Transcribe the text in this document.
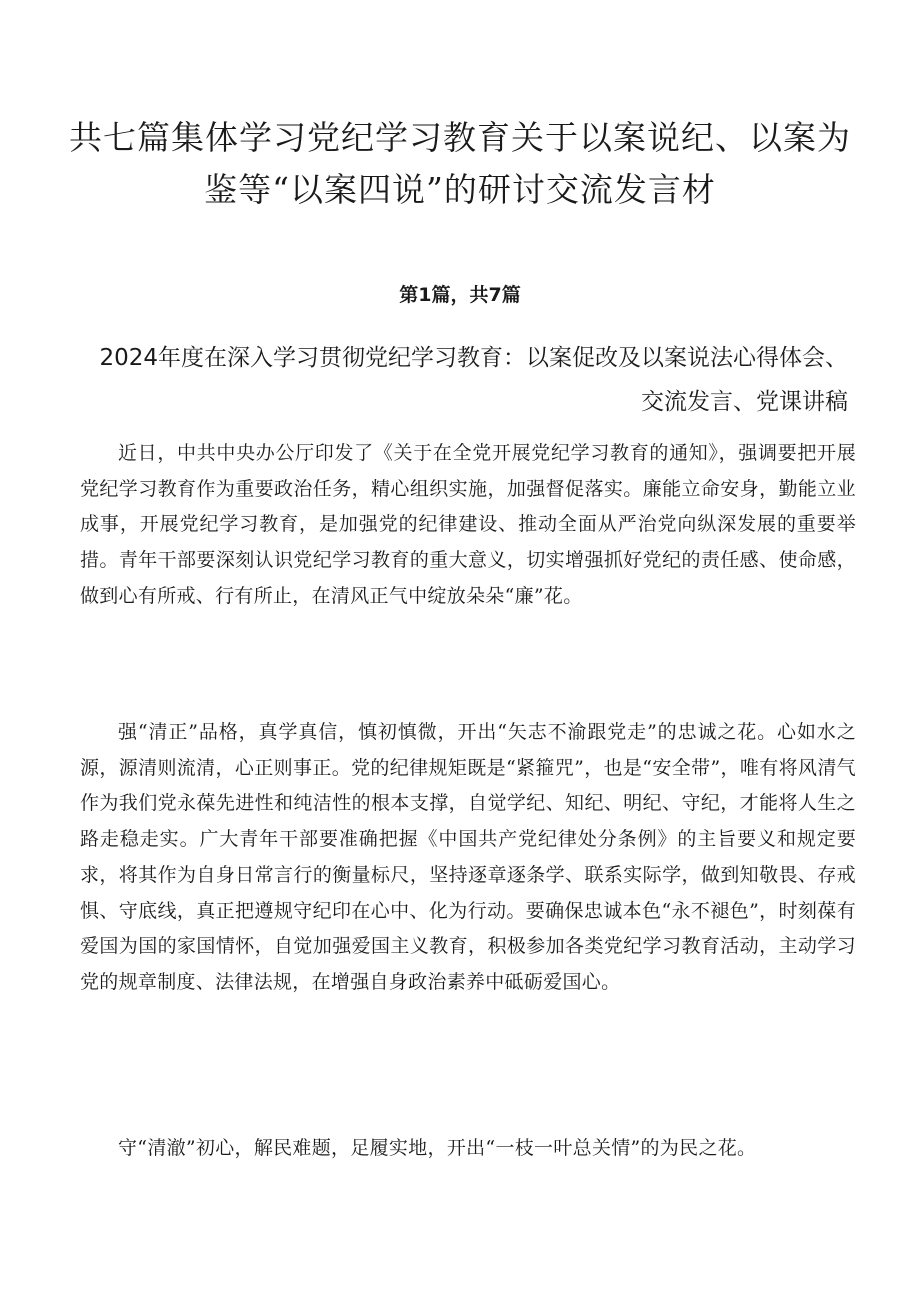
共七篇集体学习党纪学习教育关于以案说纪、以案为鉴等“以案四说”的研讨交流发言材
第1篇，共7篇
2024年度在深入学习贯彻党纪学习教育：以案促改及以案说法心得体会、交流发言、党课讲稿

近日，中共中央办公厅印发了《关于在全党开展党纪学习教育的通知》，强调要把开展党纪学习教育作为重要政治任务，精心组织实施，加强督促落实。廉能立命安身，勤能立业成事，开展党纪学习教育，是加强党的纪律建设、推动全面从严治党向纵深发展的重要举措。青年干部要深刻认识党纪学习教育的重大意义，切实增强抓好党纪的责任感、使命感，做到心有所戒、行有所止，在清风正气中绽放朵朵“廉”花。

强“清正”品格，真学真信，慎初慎微，开出“矢志不渝跟党走”的忠诚之花。心如水之源，源清则流清，心正则事正。党的纪律规矩既是“紧箍咒”，也是“安全带”，唯有将风清气作为我们党永葆先进性和纯洁性的根本支撑，自觉学纪、知纪、明纪、守纪，才能将人生之路走稳走实。广大青年干部要准确把握《中国共产党纪律处分条例》的主旨要义和规定要求，将其作为自身日常言行的衡量标尺，坚持逐章逐条学、联系实际学，做到知敬畏、存戒惧、守底线，真正把遵规守纪印在心中、化为行动。要确保忠诚本色“永不褪色”，时刻葆有爱国为国的家国情怀，自觉加强爱国主义教育，积极参加各类党纪学习教育活动，主动学习党的规章制度、法律法规，在增强自身政治素养中砥砺爱国心。

守“清澈”初心，解民难题，足履实地，开出“一枝一叶总关情”的为民之花。
